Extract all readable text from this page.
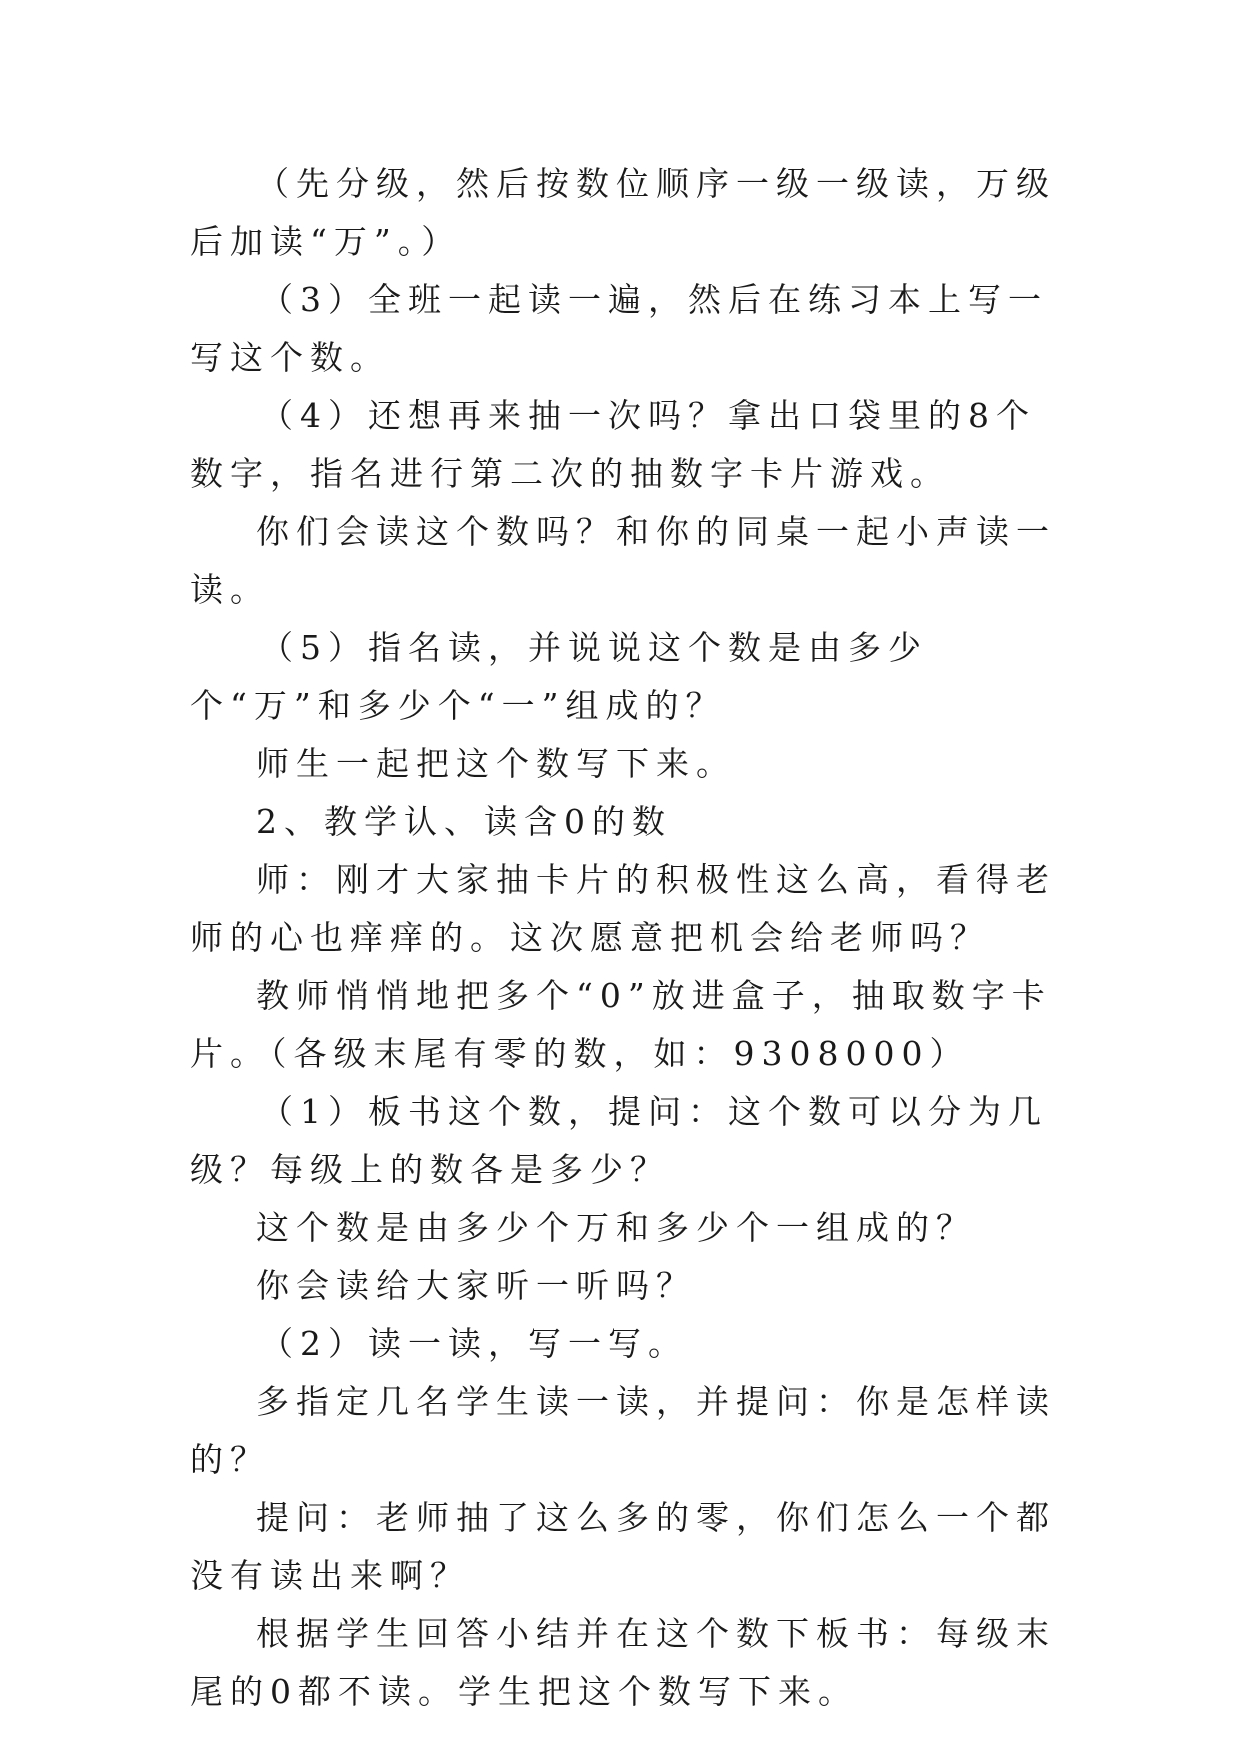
（先分级，然后按数位顺序一级一级读，万级后加读“万”。）

（3）全班一起读一遍，然后在练习本上写一写这个数。

（4）还想再来抽一次吗？拿出口袋里的8个数字，指名进行第二次的抽数字卡片游戏。

你们会读这个数吗？和你的同桌一起小声读一读。

（5）指名读，并说说这个数是由多少个“万”和多少个“一”组成的？

师生一起把这个数写下来。

2、教学认、读含0的数

师：刚才大家抽卡片的积极性这么高，看得老师的心也痒痒的。这次愿意把机会给老师吗？

教师悄悄地把多个“0”放进盒子，抽取数字卡片。（各级末尾有零的数，如：9308000）

（1）板书这个数，提问：这个数可以分为几级？每级上的数各是多少？

这个数是由多少个万和多少个一组成的？

你会读给大家听一听吗？

（2）读一读，写一写。

多指定几名学生读一读，并提问：你是怎样读的？

提问：老师抽了这么多的零，你们怎么一个都没有读出来啊？

根据学生回答小结并在这个数下板书：每级末尾的0都不读。学生把这个数写下来。
